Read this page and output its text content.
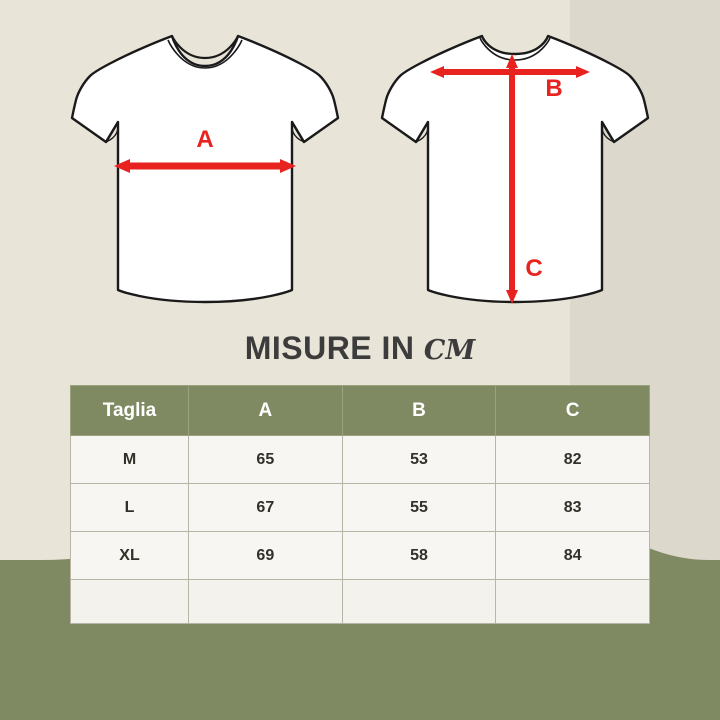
A
B
C
MISURE IN CM
Taglia	A	B	C
M	65	53	82
L	67	55	83
XL	69	58	84
